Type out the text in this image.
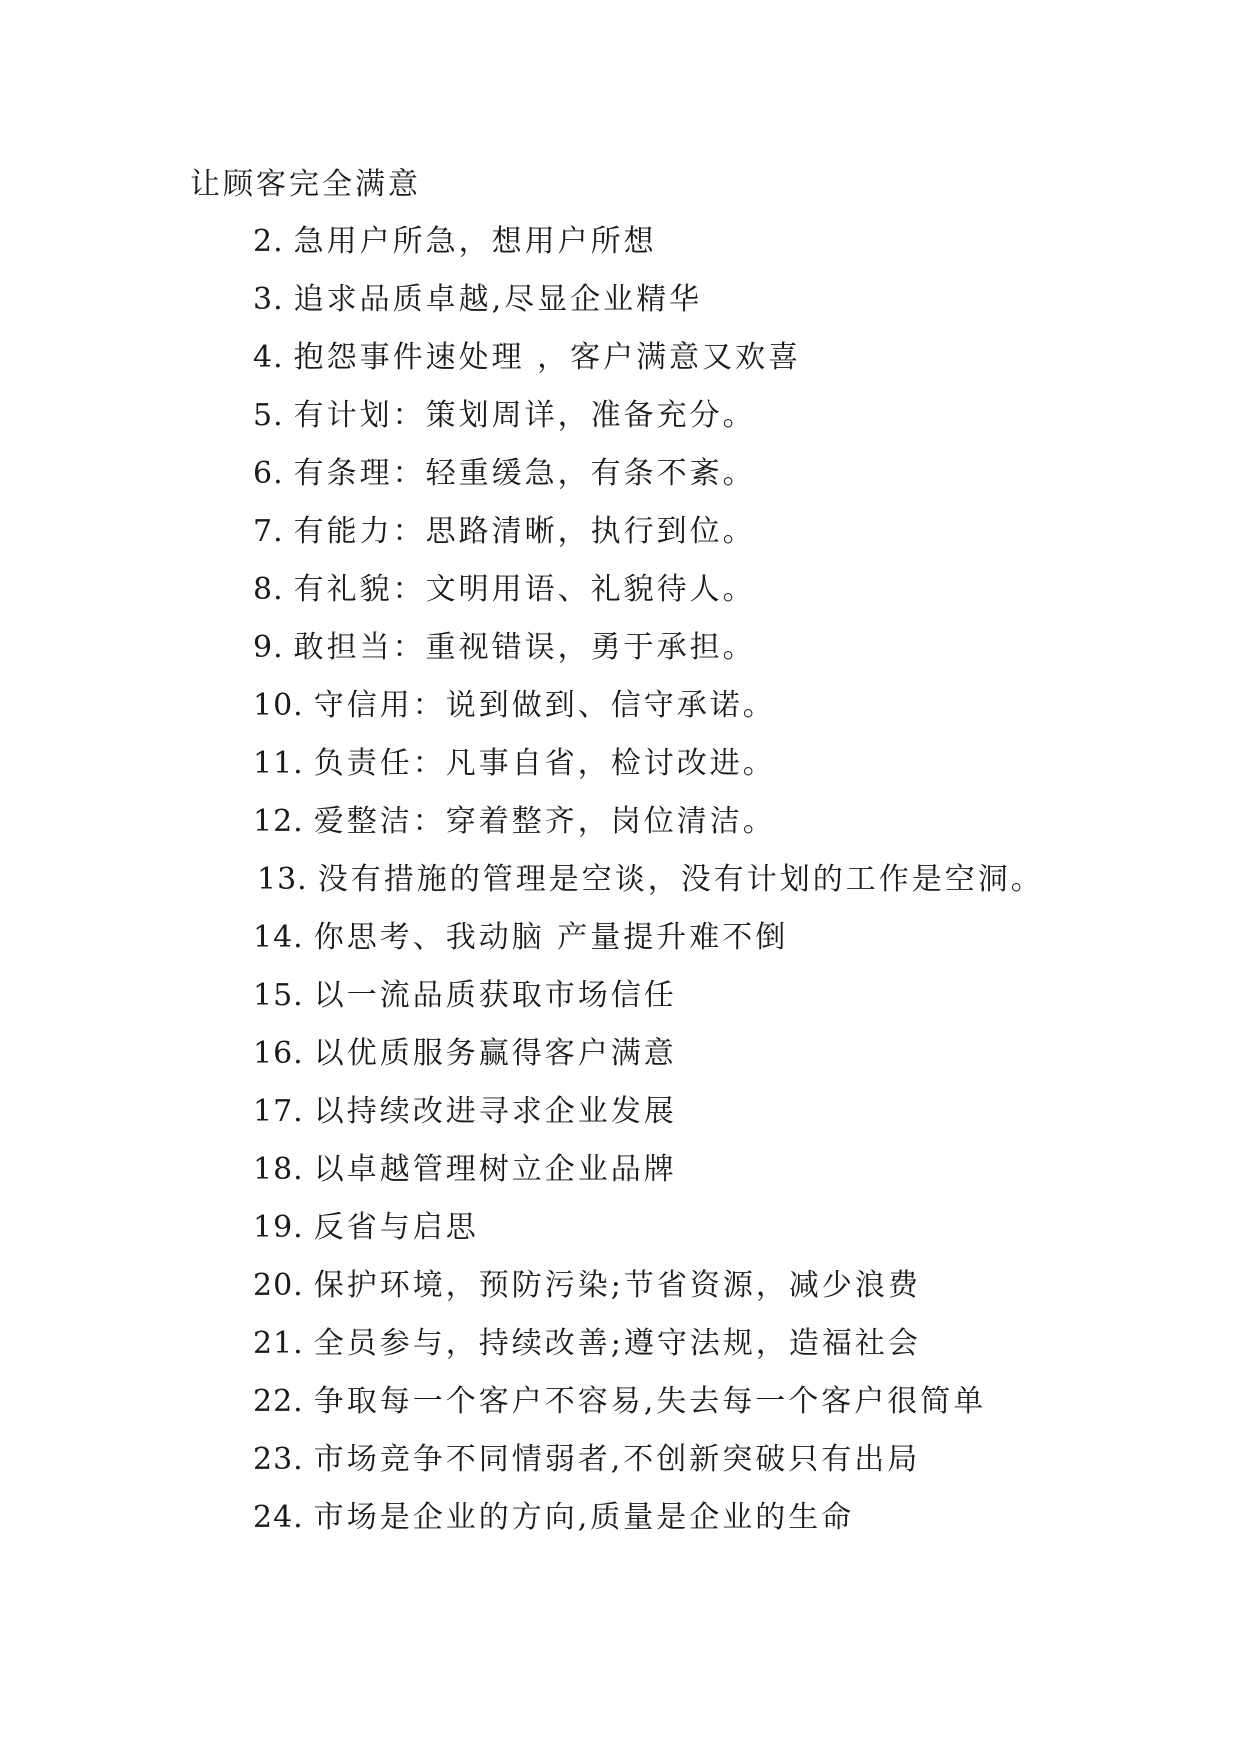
让顾客完全满意
2. 急用户所急，想用户所想
3. 追求品质卓越,尽显企业精华
4. 抱怨事件速处理 ，客户满意又欢喜
5. 有计划：策划周详，准备充分。
6. 有条理：轻重缓急，有条不紊。
7. 有能力：思路清晰，执行到位。
8. 有礼貌：文明用语、礼貌待人。
9. 敢担当：重视错误，勇于承担。
10. 守信用：说到做到、信守承诺。
11. 负责任：凡事自省，检讨改进。
12. 爱整洁：穿着整齐，岗位清洁。
13. 没有措施的管理是空谈，没有计划的工作是空洞。
14. 你思考、我动脑 产量提升难不倒
15. 以一流品质获取市场信任
16. 以优质服务赢得客户满意
17. 以持续改进寻求企业发展
18. 以卓越管理树立企业品牌
19. 反省与启思
20. 保护环境，预防污染;节省资源，减少浪费
21. 全员参与，持续改善;遵守法规，造福社会
22. 争取每一个客户不容易,失去每一个客户很简单
23. 市场竞争不同情弱者,不创新突破只有出局
24. 市场是企业的方向,质量是企业的生命
